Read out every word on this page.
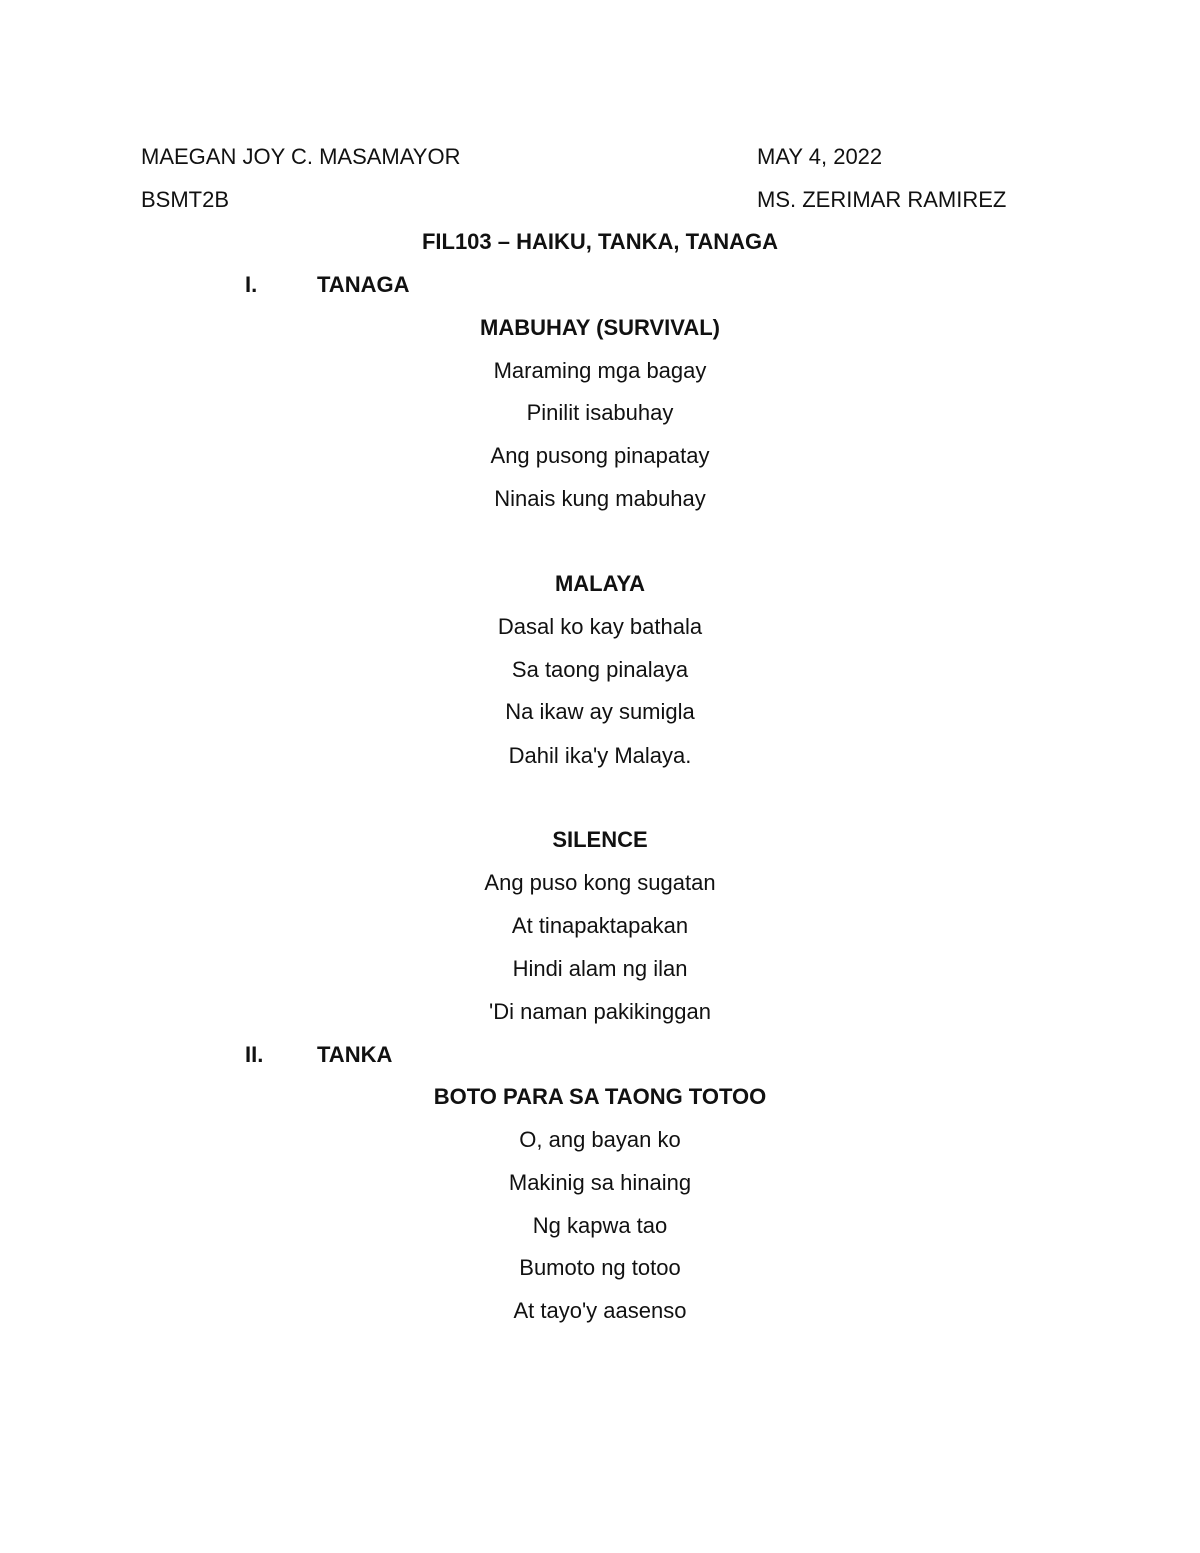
MAEGAN JOY C. MASAMAYOR	MAY 4, 2022
BSMT2B	MS. ZERIMAR RAMIREZ
FIL103 – HAIKU, TANKA, TANAGA
I.	TANAGA
MABUHAY (SURVIVAL)
Maraming mga bagay
Pinilit isabuhay
Ang pusong pinapatay
Ninais kung mabuhay
MALAYA
Dasal ko kay bathala
Sa taong pinalaya
Na ikaw ay sumigla
Dahil ika'y Malaya.
SILENCE
Ang puso kong sugatan
At tinapaktapakan
Hindi alam ng ilan
'Di naman pakikinggan
II. TANKA
BOTO PARA SA TAONG TOTOO
O, ang bayan ko
Makinig sa hinaing
Ng kapwa tao
Bumoto ng totoo
At tayo'y aasenso
